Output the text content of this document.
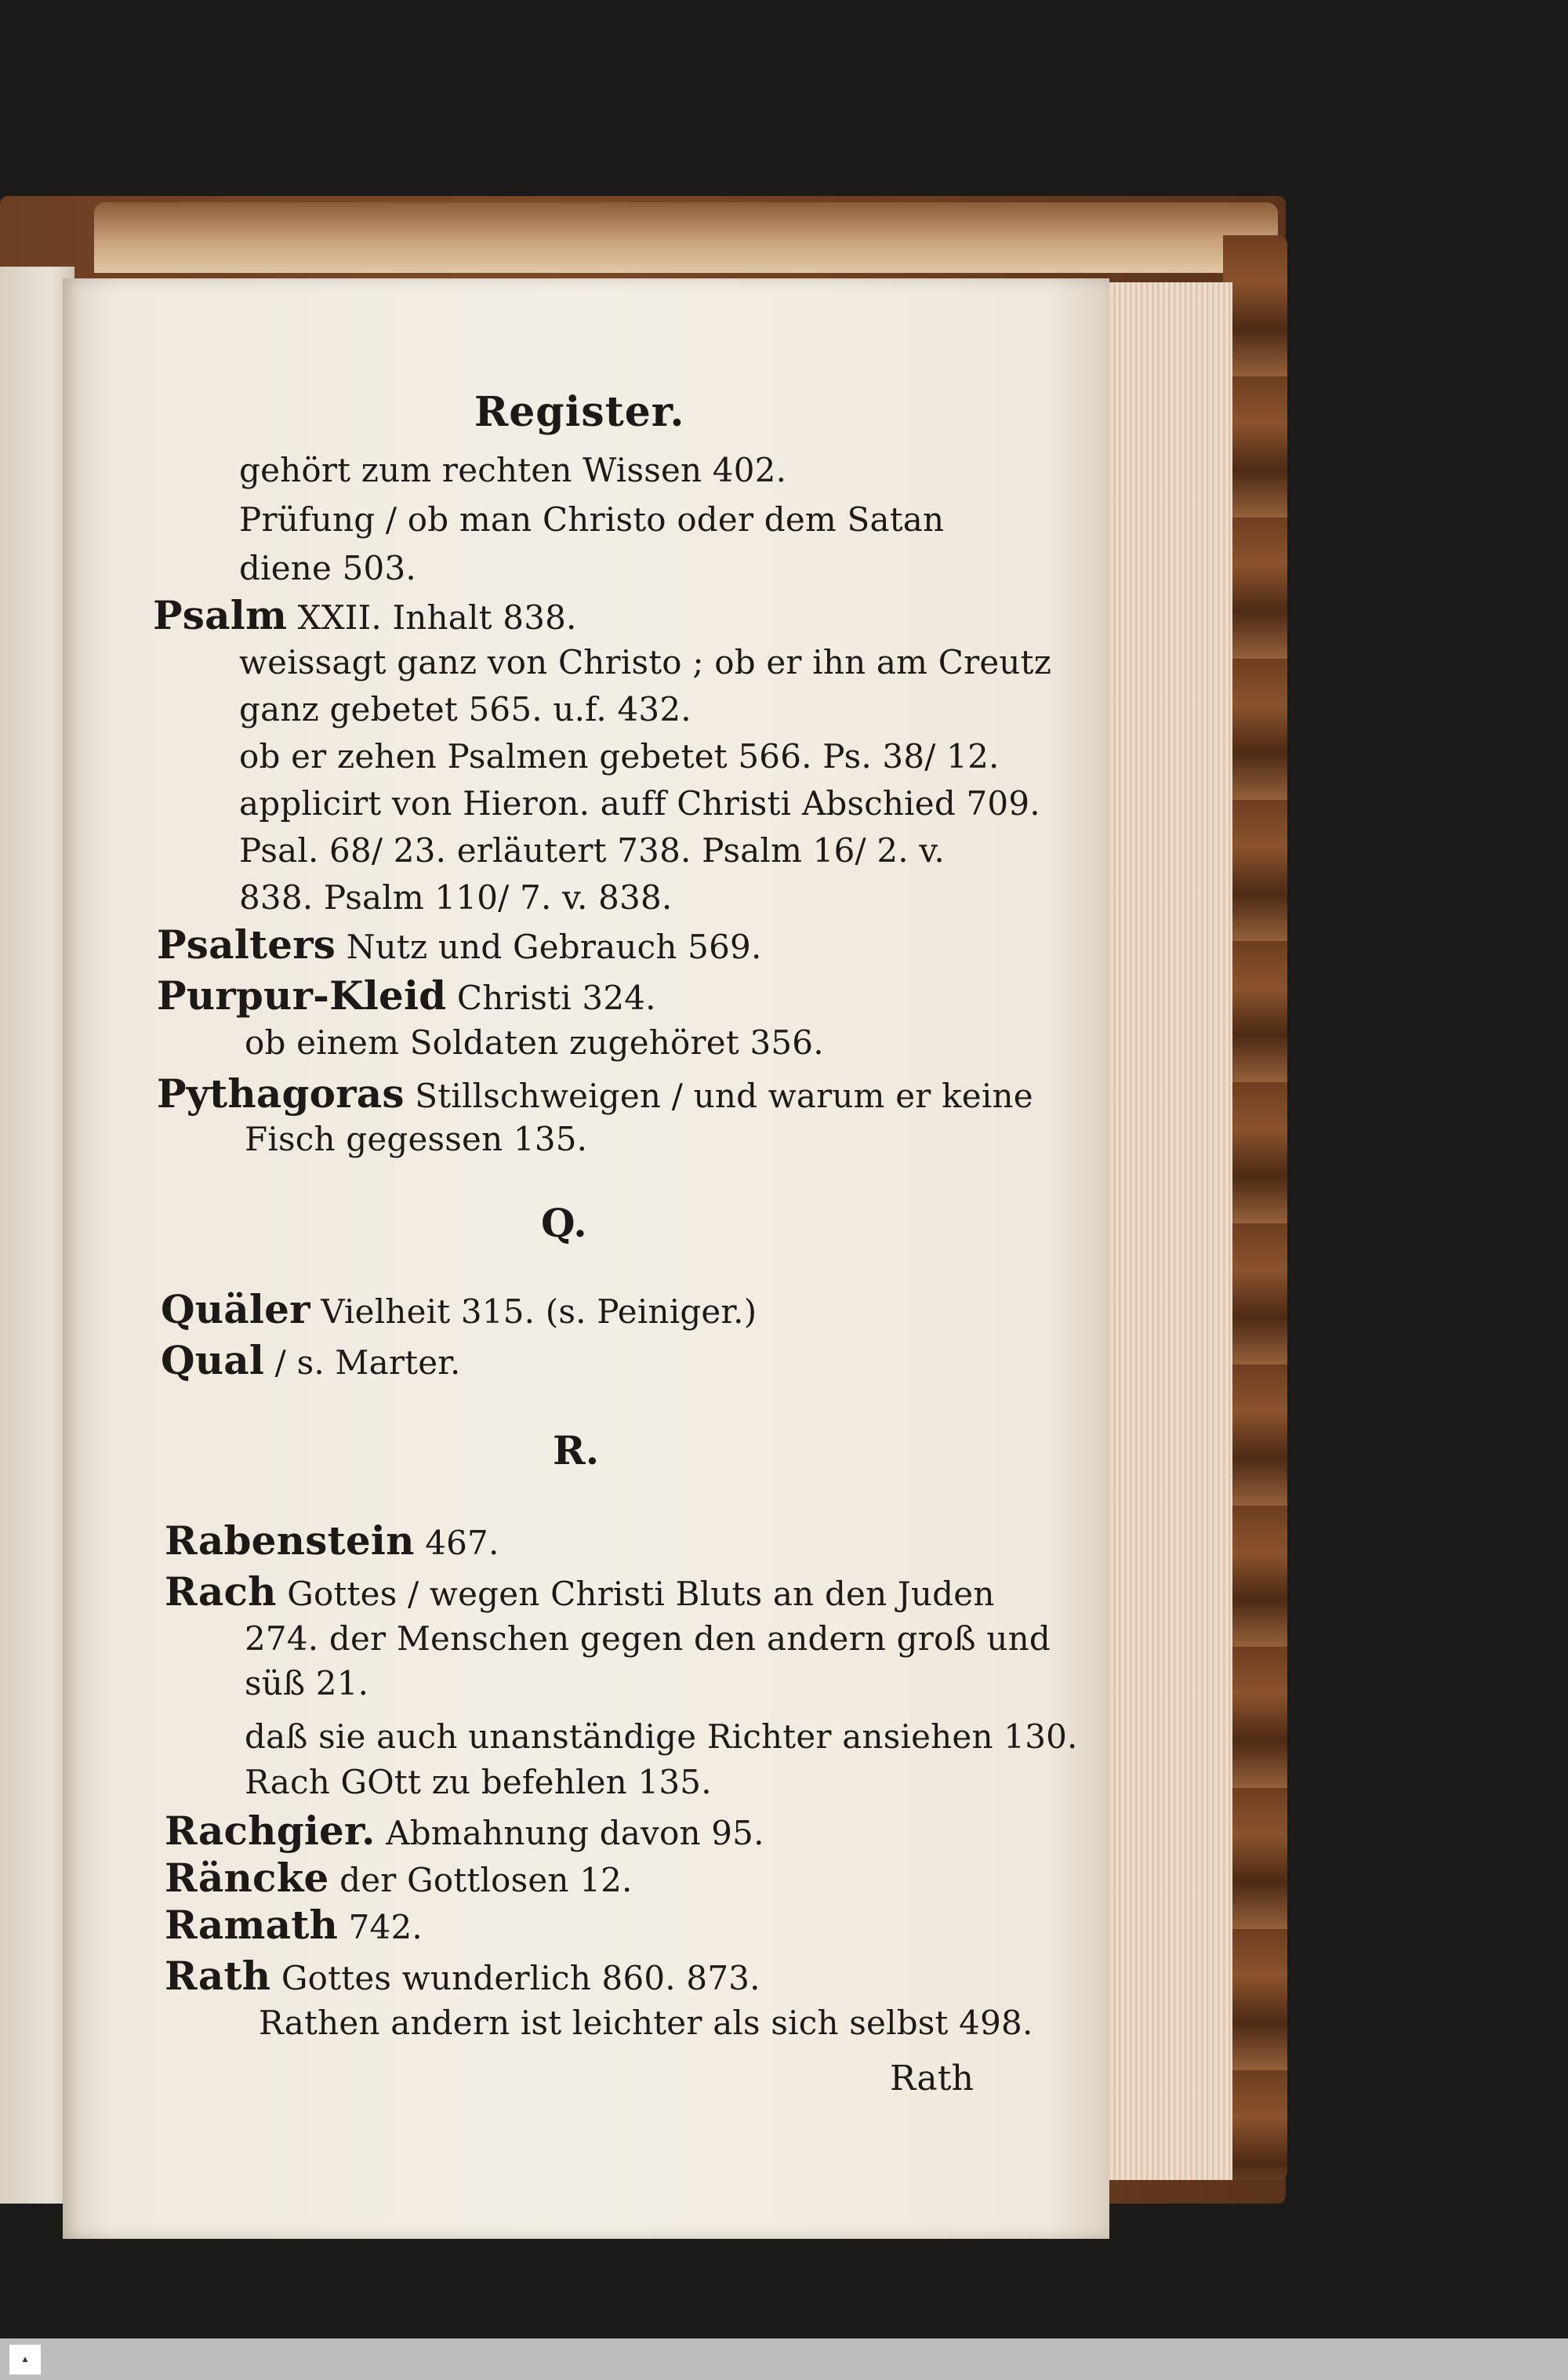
Register.
gehört zum rechten Wissen 402.
Prüfung / ob man Christo oder dem Satan
diene 503.
Psalm XXII. Inhalt 838.
weissagt ganz von Christo ; ob er ihn am Creutz
ganz gebetet 565. u.f. 432.
ob er zehen Psalmen gebetet 566. Ps. 38/ 12.
applicirt von Hieron. auff Christi Abschied 709.
Psal. 68/ 23. erläutert 738. Psalm 16/ 2. v.
838. Psalm 110/ 7. v. 838.
Psalters Nutz und Gebrauch 569.
Purpur-Kleid Christi 324.
ob einem Soldaten zugehöret 356.
Pythagoras Stillschweigen / und warum er keine
Fisch gegessen 135.
Q.
Quäler Vielheit 315. (s. Peiniger.)
Qual / s. Marter.
R.
Rabenstein 467.
Rach Gottes / wegen Christi Bluts an den Juden
274. der Menschen gegen den andern groß und
süß 21.
daß sie auch unanständige Richter ansiehen 130.
Rach GOtt zu befehlen 135.
Rachgier. Abmahnung davon 95.
Räncke der Gottlosen 12.
Ramath 742.
Rath Gottes wunderlich 860. 873.
Rathen andern ist leichter als sich selbst 498.
Rath
▲
